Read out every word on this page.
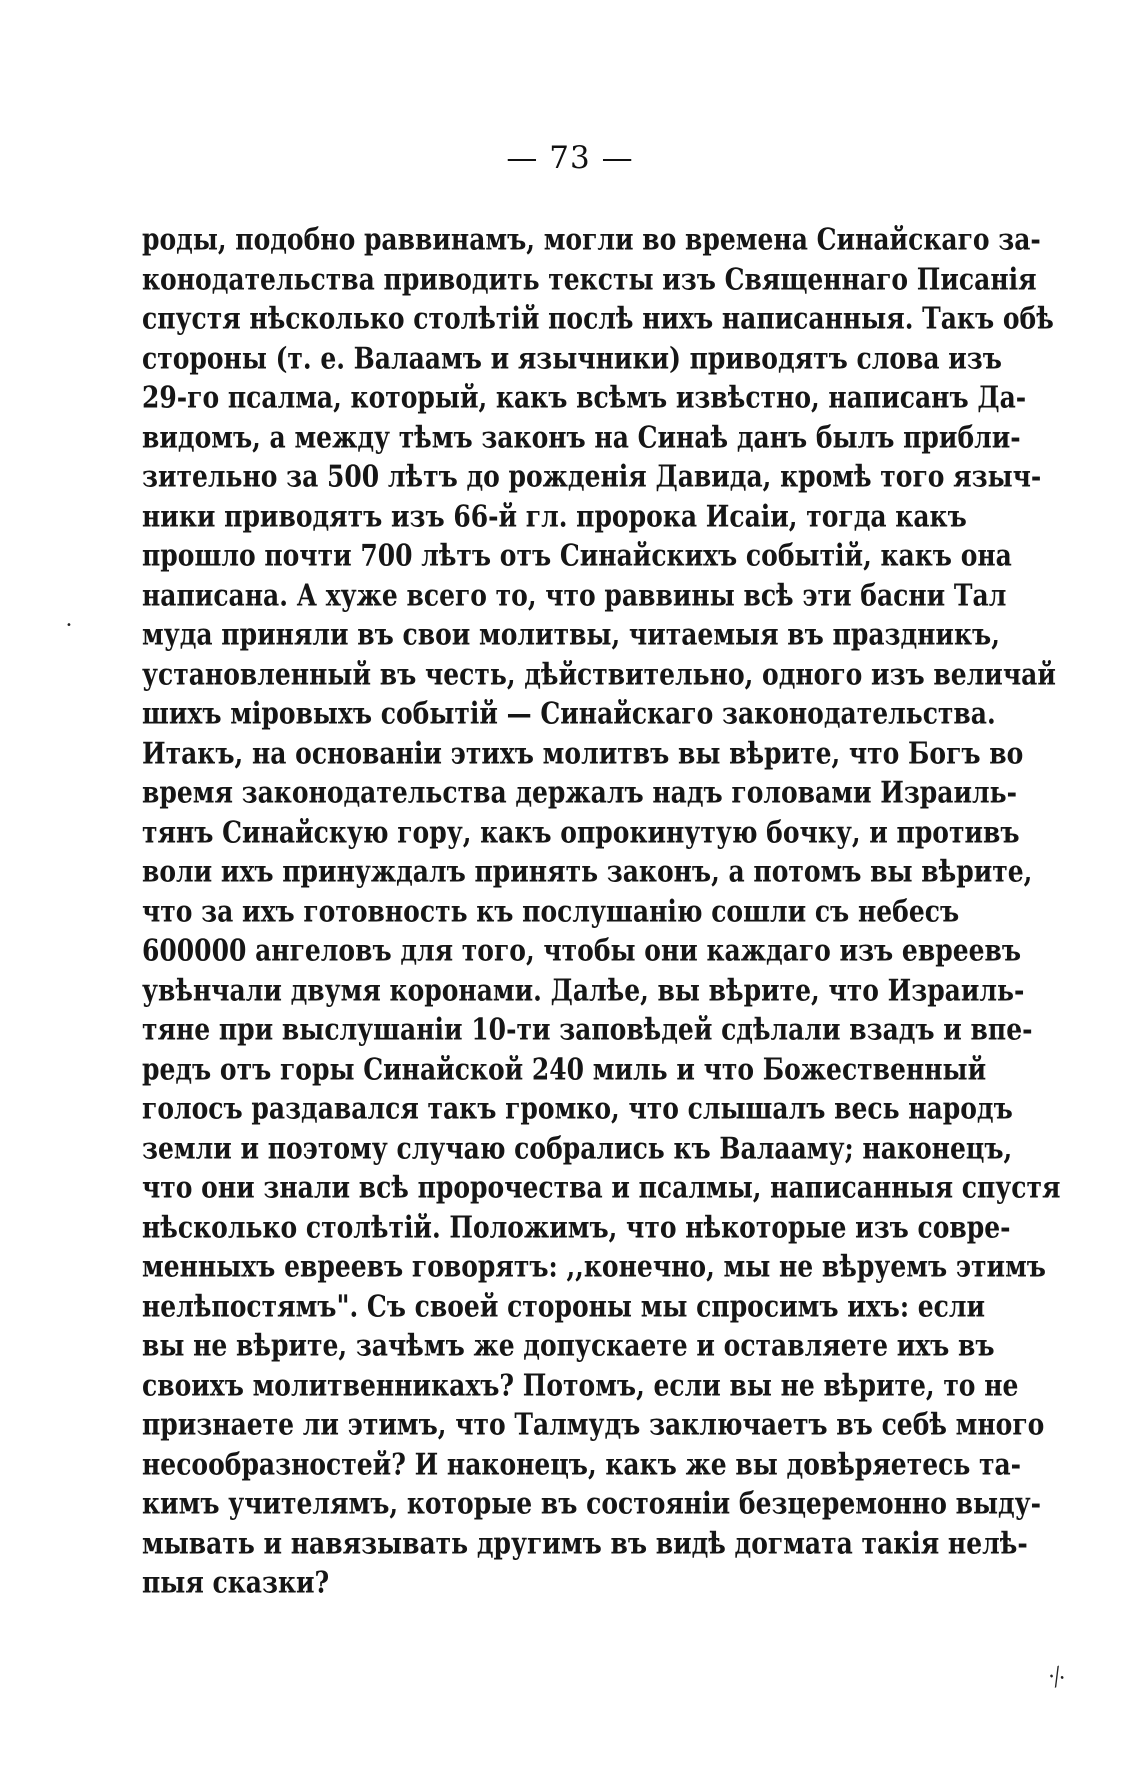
— 73 —
роды, подобно раввинамъ, могли во времена Синайскаго за-
конодательства приводить тексты изъ Священнаго Писанія
спустя нѣсколько столѣтій послѣ нихъ написанныя. Такъ обѣ
стороны (т. е. Валаамъ и язычники) приводятъ слова изъ
29-го псалма, который, какъ всѣмъ извѣстно, написанъ Да-
видомъ, а между тѣмъ законъ на Синаѣ данъ былъ прибли-
зительно за 500 лѣтъ до рожденія Давида, кромѣ того языч-
ники приводятъ изъ 66-й гл. пророка Исаіи, тогда какъ
прошло почти 700 лѣтъ отъ Синайскихъ событій, какъ она
написана. А хуже всего то, что раввины всѣ эти басни Тал
муда приняли въ свои молитвы, читаемыя въ праздникъ,
установленный въ честь, дѣйствительно, одного изъ величай
шихъ міровыхъ событій — Синайскаго законодательства.
Итакъ, на основаніи этихъ молитвъ вы вѣрите, что Богъ во
время законодательства держалъ надъ головами Израиль-
тянъ Синайскую гору, какъ опрокинутую бочку, и противъ
воли ихъ принуждалъ принять законъ, а потомъ вы вѣрите,
что за ихъ готовность къ послушанію сошли съ небесъ
600000 ангеловъ для того, чтобы они каждаго изъ евреевъ
увѣнчали двумя коронами. Далѣе, вы вѣрите, что Израиль-
тяне при выслушаніи 10-ти заповѣдей сдѣлали взадъ и впе-
редъ отъ горы Синайской 240 миль и что Божественный
голосъ раздавался такъ громко, что слышалъ весь народъ
земли и поэтому случаю собрались къ Валааму; наконецъ,
что они знали всѣ пророчества и псалмы, написанныя спустя
нѣсколько столѣтій. Положимъ, что нѣкоторые изъ совре-
менныхъ евреевъ говорятъ: ,,конечно, мы не вѣруемъ этимъ
нелѣпостямъ". Съ своей стороны мы спросимъ ихъ: если
вы не вѣрите, зачѣмъ же допускаете и оставляете ихъ въ
своихъ молитвенникахъ? Потомъ, если вы не вѣрите, то не
признаете ли этимъ, что Талмудъ заключаетъ въ себѣ много
несообразностей? И наконецъ, какъ же вы довѣряетесь та-
кимъ учителямъ, которые въ состояніи безцеремонно выду-
мывать и навязывать другимъ въ видѣ догмата такія нелѣ-
пыя сказки?
•
⸓
